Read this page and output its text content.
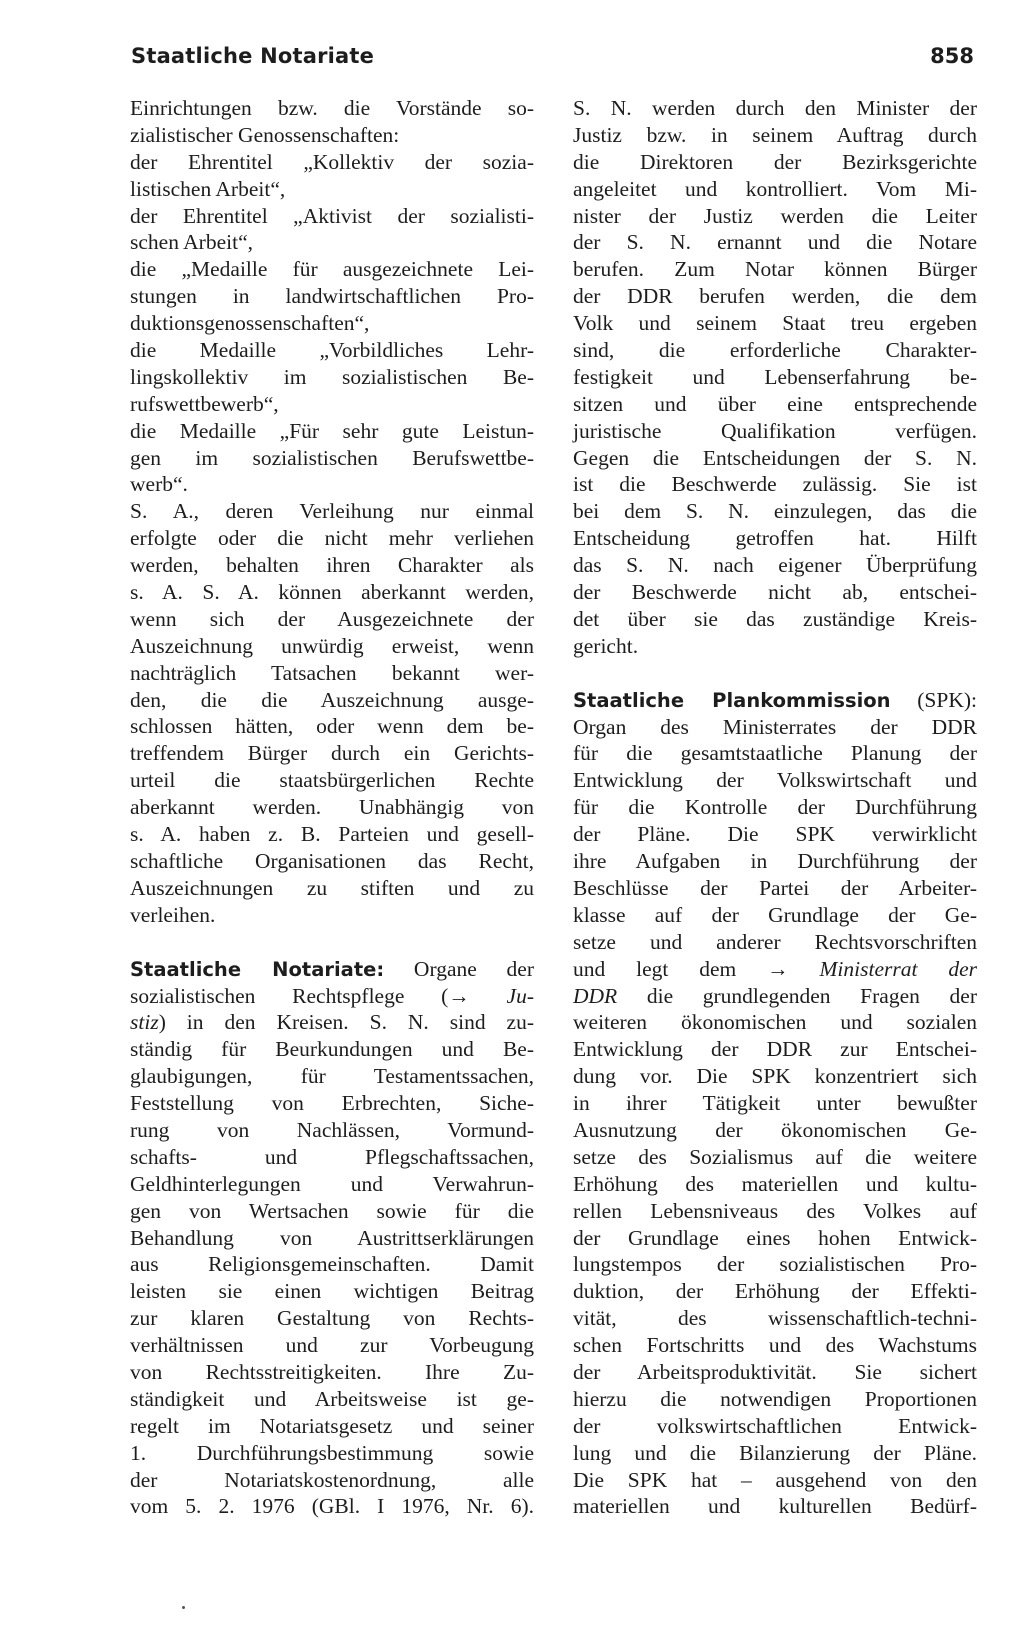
Staatliche Notariate	858
Einrichtungen bzw. die Vorstände so-
zialistischer Genossenschaften:
der Ehrentitel „Kollektiv der sozia-
listischen Arbeit“,
der Ehrentitel „Aktivist der sozialisti-
schen Arbeit“,
die „Medaille für ausgezeichnete Lei-
stungen in landwirtschaftlichen Pro-
duktionsgenossenschaften“,
die Medaille „Vorbildliches Lehr-
lingskollektiv im sozialistischen Be-
rufswettbewerb“,
die Medaille „Für sehr gute Leistun-
gen im sozialistischen Berufswettbe-
werb“.
S. A., deren Verleihung nur einmal
erfolgte oder die nicht mehr verliehen
werden, behalten ihren Charakter als
s. A. S. A. können aberkannt werden,
wenn sich der Ausgezeichnete der
Auszeichnung unwürdig erweist, wenn
nachträglich Tatsachen bekannt wer-
den, die die Auszeichnung ausge-
schlossen hätten, oder wenn dem be-
treffendem Bürger durch ein Gerichts-
urteil die staatsbürgerlichen Rechte
aberkannt werden. Unabhängig von
s. A. haben z. B. Parteien und gesell-
schaftliche Organisationen das Recht,
Auszeichnungen zu stiften und zu
verleihen.
Staatliche Notariate: Organe der
sozialistischen Rechtspflege (→ Ju-
stiz) in den Kreisen. S. N. sind zu-
ständig für Beurkundungen und Be-
glaubigungen, für Testamentssachen,
Feststellung von Erbrechten, Siche-
rung von Nachlässen, Vormund-
schafts- und Pflegschaftssachen,
Geldhinterlegungen und Verwahrun-
gen von Wertsachen sowie für die
Behandlung von Austrittserklärungen
aus Religionsgemeinschaften. Damit
leisten sie einen wichtigen Beitrag
zur klaren Gestaltung von Rechts-
verhältnissen und zur Vorbeugung
von Rechtsstreitigkeiten. Ihre Zu-
ständigkeit und Arbeitsweise ist ge-
regelt im Notariatsgesetz und seiner
1. Durchführungsbestimmung sowie
der Notariatskostenordnung, alle
vom 5. 2. 1976 (GBl. I 1976, Nr. 6).
S. N. werden durch den Minister der
Justiz bzw. in seinem Auftrag durch
die Direktoren der Bezirksgerichte
angeleitet und kontrolliert. Vom Mi-
nister der Justiz werden die Leiter
der S. N. ernannt und die Notare
berufen. Zum Notar können Bürger
der DDR berufen werden, die dem
Volk und seinem Staat treu ergeben
sind, die erforderliche Charakter-
festigkeit und Lebenserfahrung be-
sitzen und über eine entsprechende
juristische Qualifikation verfügen.
Gegen die Entscheidungen der S. N.
ist die Beschwerde zulässig. Sie ist
bei dem S. N. einzulegen, das die
Entscheidung getroffen hat. Hilft
das S. N. nach eigener Überprüfung
der Beschwerde nicht ab, entschei-
det über sie das zuständige Kreis-
gericht.
Staatliche Plankommission (SPK):
Organ des Ministerrates der DDR
für die gesamtstaatliche Planung der
Entwicklung der Volkswirtschaft und
für die Kontrolle der Durchführung
der Pläne. Die SPK verwirklicht
ihre Aufgaben in Durchführung der
Beschlüsse der Partei der Arbeiter-
klasse auf der Grundlage der Ge-
setze und anderer Rechtsvorschriften
und legt dem → Ministerrat der
DDR die grundlegenden Fragen der
weiteren ökonomischen und sozialen
Entwicklung der DDR zur Entschei-
dung vor. Die SPK konzentriert sich
in ihrer Tätigkeit unter bewußter
Ausnutzung der ökonomischen Ge-
setze des Sozialismus auf die weitere
Erhöhung des materiellen und kultu-
rellen Lebensniveaus des Volkes auf
der Grundlage eines hohen Entwick-
lungstempos der sozialistischen Pro-
duktion, der Erhöhung der Effekti-
vität, des wissenschaftlich-techni-
schen Fortschritts und des Wachstums
der Arbeitsproduktivität. Sie sichert
hierzu die notwendigen Proportionen
der volkswirtschaftlichen Entwick-
lung und die Bilanzierung der Pläne.
Die SPK hat – ausgehend von den
materiellen und kulturellen Bedürf-
